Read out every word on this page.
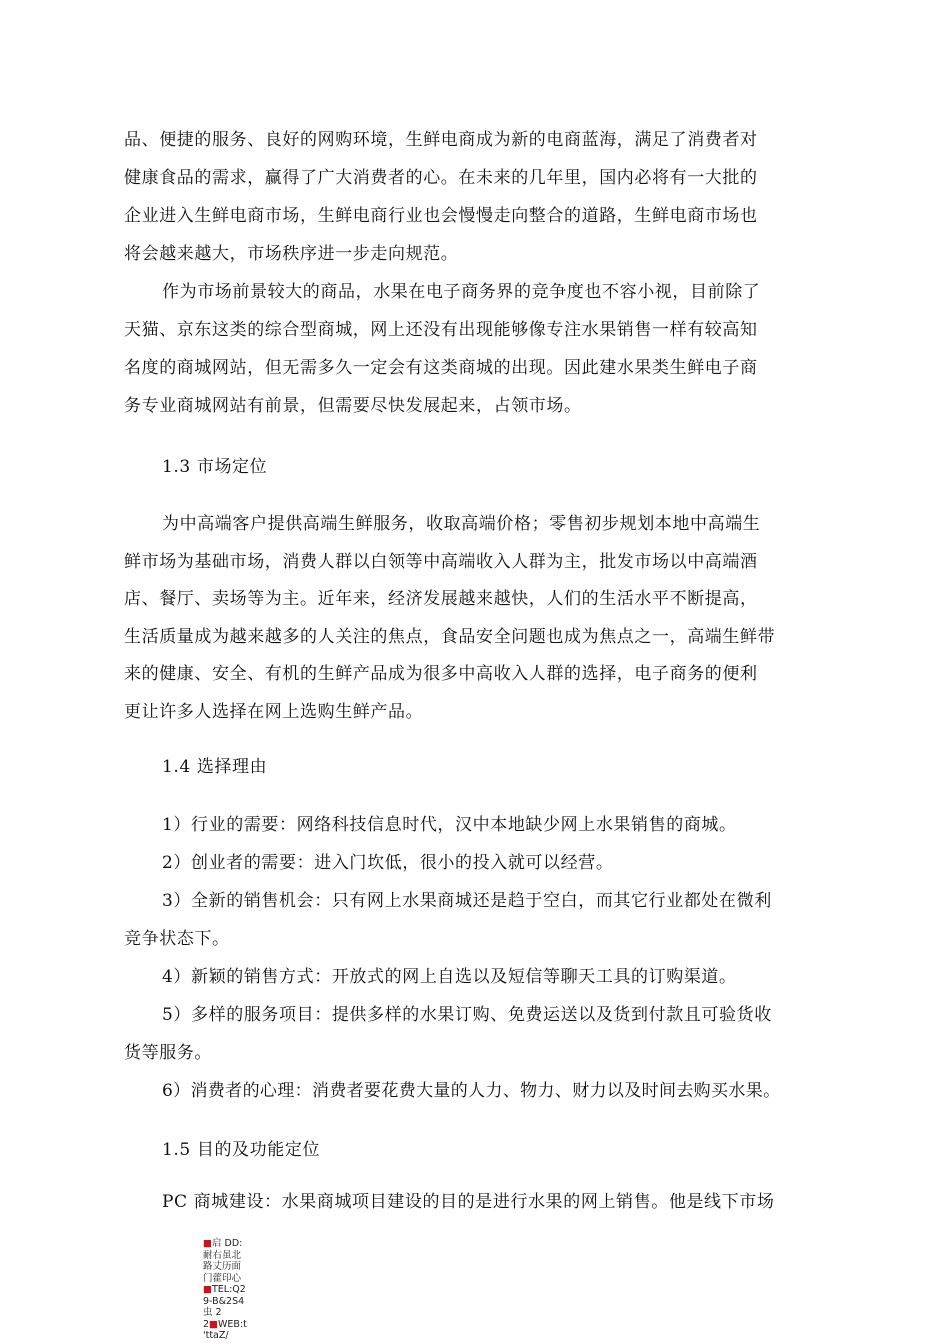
品、便捷的服务、良好的网购环境，生鲜电商成为新的电商蓝海，满足了消费者对
健康食品的需求，赢得了广大消费者的心。在未来的几年里，国内必将有一大批的
企业进入生鲜电商市场，生鲜电商行业也会慢慢走向整合的道路，生鲜电商市场也
将会越来越大，市场秩序进一步走向规范。
作为市场前景较大的商品，水果在电子商务界的竞争度也不容小视，目前除了
天猫、京东这类的综合型商城，网上还没有出现能够像专注水果销售一样有较高知
名度的商城网站，但无需多久一定会有这类商城的出现。因此建水果类生鲜电子商
务专业商城网站有前景，但需要尽快发展起来，占领市场。
1.3 市场定位
为中高端客户提供高端生鲜服务，收取高端价格；零售初步规划本地中高端生
鲜市场为基础市场，消费人群以白领等中高端收入人群为主，批发市场以中高端酒
店、餐厅、卖场等为主。近年来，经济发展越来越快，人们的生活水平不断提高，
生活质量成为越来越多的人关注的焦点，食品安全问题也成为焦点之一，高端生鲜带
来的健康、安全、有机的生鲜产品成为很多中高收入人群的选择，电子商务的便利
更让许多人选择在网上选购生鲜产品。
1.4 选择理由
1）行业的需要：网络科技信息时代，汉中本地缺少网上水果销售的商城。
2）创业者的需要：进入门坎低，很小的投入就可以经营。
3）全新的销售机会：只有网上水果商城还是趋于空白，而其它行业都处在微利
竞争状态下。
4）新颖的销售方式：开放式的网上自选以及短信等聊天工具的订购渠道。
5）多样的服务项目：提供多样的水果订购、免费运送以及货到付款且可验货收
货等服务。
6）消费者的心理：消费者要花费大量的人力、物力、财力以及时间去购买水果。
1.5 目的及功能定位
PC 商城建设：水果商城项目建设的目的是进行水果的网上销售。他是线下市场
■启 DD:
耐右虽北
路丈历面
门藿印心
■TEL:Q2
9-B&2S4
虫 2
2■WEB:t
'ttaZ/
